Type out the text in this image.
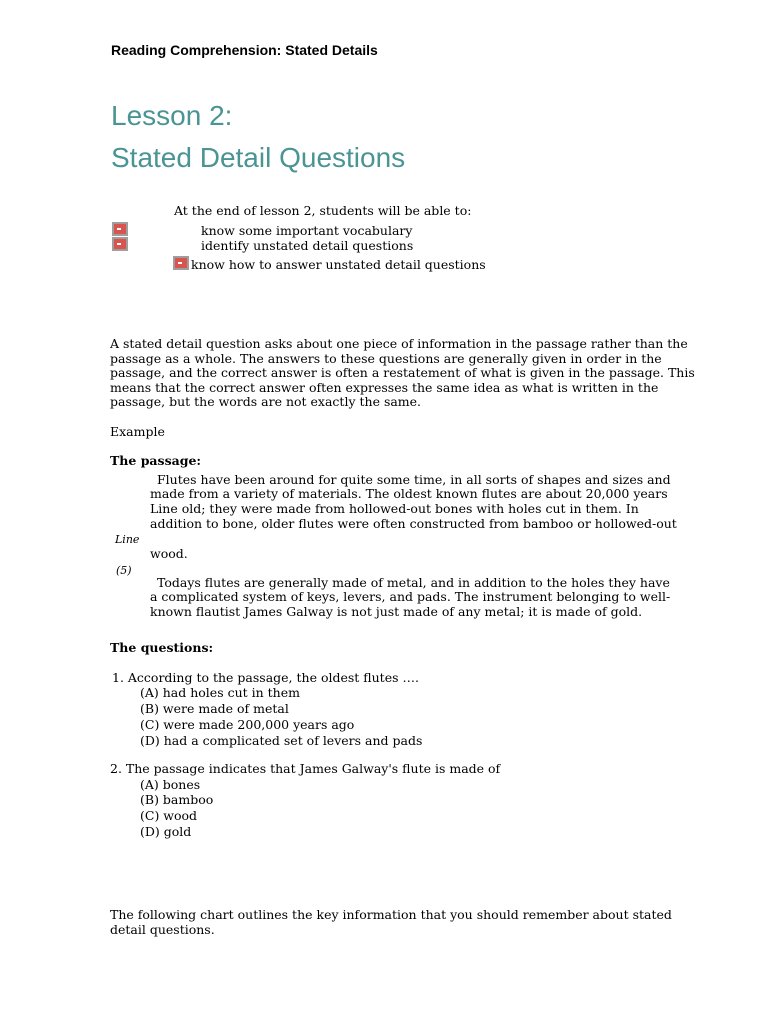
Reading Comprehension: Stated Details
Lesson 2:
Stated Detail Questions
At the end of lesson 2, students will be able to:
know some important vocabulary
identify unstated detail questions
know how to answer unstated detail questions
A stated detail question asks about one piece of information in the passage rather than the
passage as a whole. The answers to these questions are generally given in order in the
passage, and the correct answer is often a restatement of what is given in the passage. This
means that the correct answer often expresses the same idea as what is written in the
passage, but the words are not exactly the same.
Example
The passage:
Flutes have been around for quite some time, in all sorts of shapes and sizes and
made from a variety of materials. The oldest known flutes are about 20,000 years
Line old; they were made from hollowed-out bones with holes cut in them. In
addition to bone, older flutes were often constructed from bamboo or hollowed-out
Line
wood.
(5)
Todays flutes are generally made of metal, and in addition to the holes they have
a complicated system of keys, levers, and pads. The instrument belonging to well-
known flautist James Galway is not just made of any metal; it is made of gold.
The questions:
1. According to the passage, the oldest flutes ….
(A) had holes cut in them
(B) were made of metal
(C) were made 200,000 years ago
(D) had a complicated set of levers and pads
2. The passage indicates that James Galway's flute is made of
(A) bones
(B) bamboo
(C) wood
(D) gold
The following chart outlines the key information that you should remember about stated
detail questions.
